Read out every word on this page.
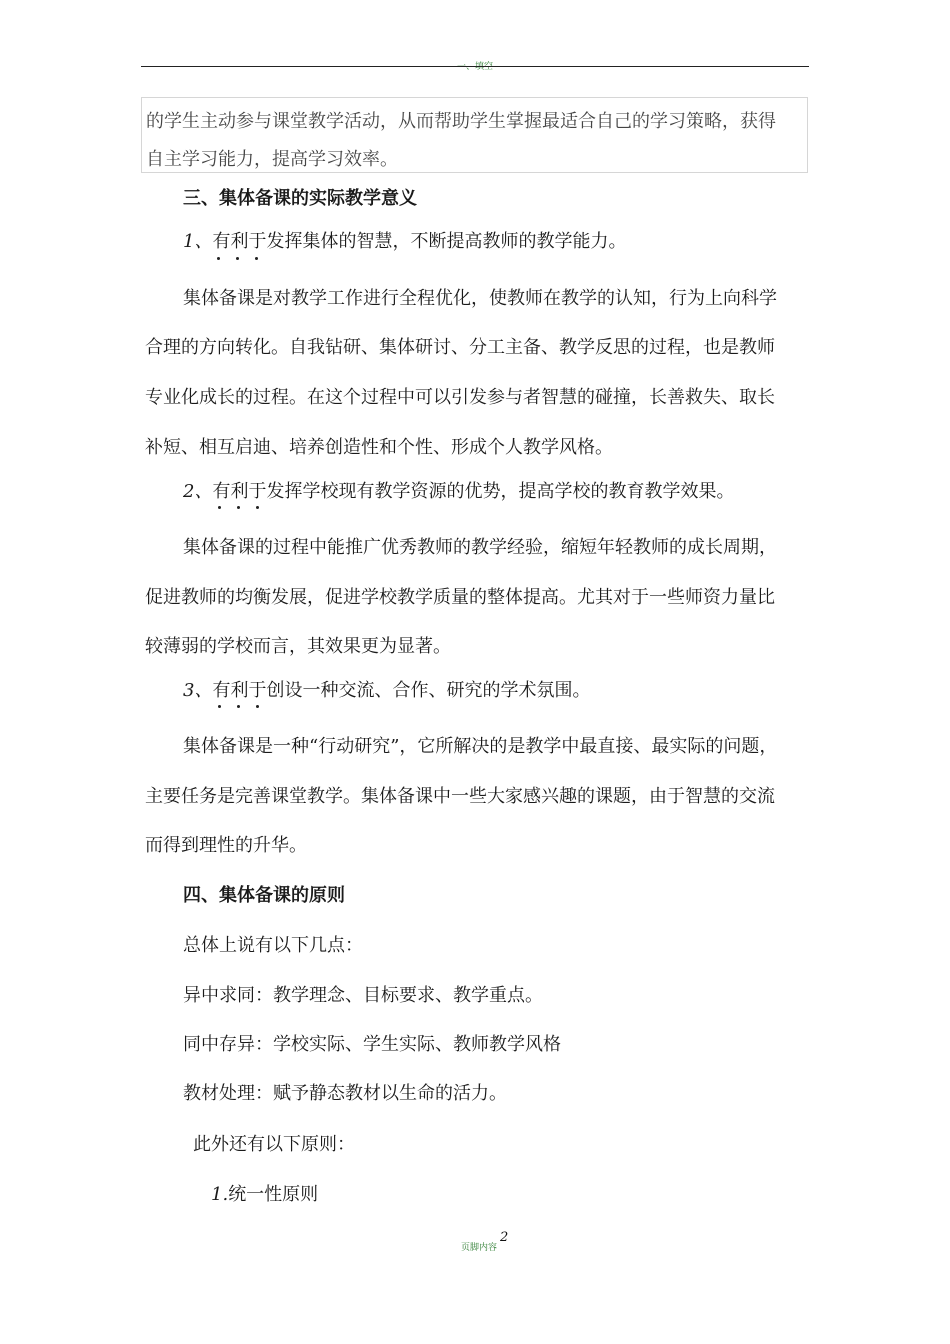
一、填空
的学生主动参与课堂教学活动，从而帮助学生掌握最适合自己的学习策略，获得
自主学习能力，提高学习效率。
三、集体备课的实际教学意义
1、有利于发挥集体的智慧，不断提高教师的教学能力。
集体备课是对教学工作进行全程优化，使教师在教学的认知，行为上向科学
合理的方向转化。自我钻研、集体研讨、分工主备、教学反思的过程，也是教师
专业化成长的过程。在这个过程中可以引发参与者智慧的碰撞，长善救失、取长
补短、相互启迪、培养创造性和个性、形成个人教学风格。
2、有利于发挥学校现有教学资源的优势，提高学校的教育教学效果。
集体备课的过程中能推广优秀教师的教学经验，缩短年轻教师的成长周期，
促进教师的均衡发展，促进学校教学质量的整体提高。尤其对于一些师资力量比
较薄弱的学校而言，其效果更为显著。
3、有利于创设一种交流、合作、研究的学术氛围。
集体备课是一种“行动研究”，它所解决的是教学中最直接、最实际的问题，
主要任务是完善课堂教学。集体备课中一些大家感兴趣的课题，由于智慧的交流
而得到理性的升华。
四、集体备课的原则
总体上说有以下几点：
异中求同：教学理念、目标要求、教学重点。
同中存异：学校实际、学生实际、教师教学风格
教材处理：赋予静态教材以生命的活力。
此外还有以下原则：
1.统一性原则
页脚内容
2
